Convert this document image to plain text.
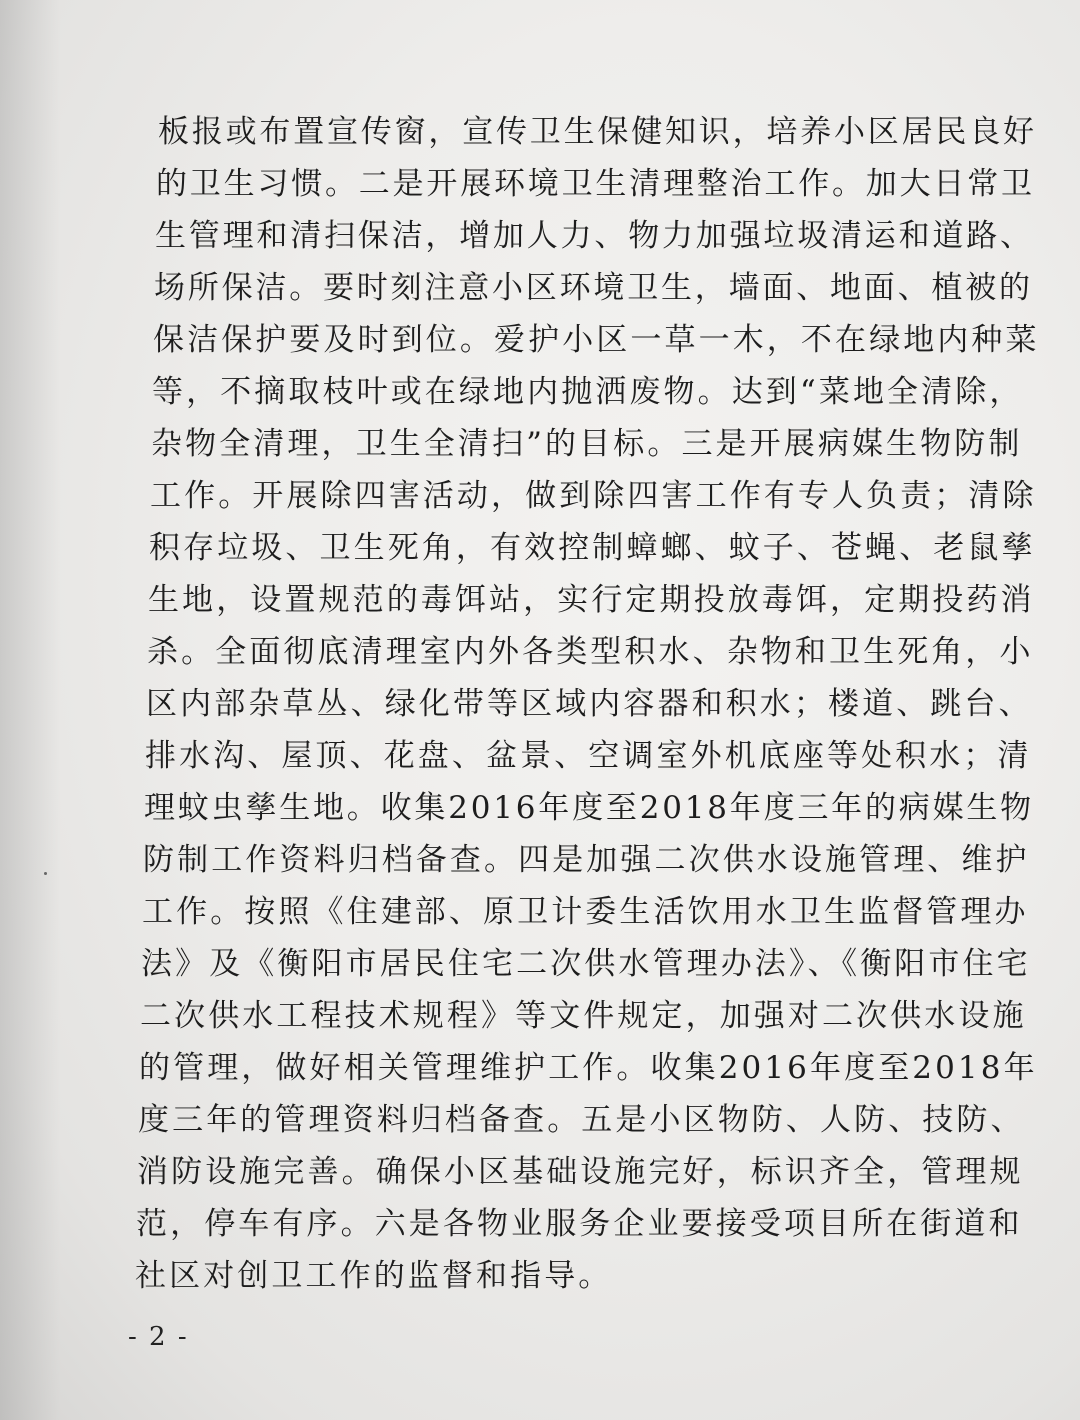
板报或布置宣传窗，宣传卫生保健知识，培养小区居民良好
的卫生习惯。二是开展环境卫生清理整治工作。加大日常卫
生管理和清扫保洁，增加人力、物力加强垃圾清运和道路、
场所保洁。要时刻注意小区环境卫生，墙面、地面、植被的
保洁保护要及时到位。爱护小区一草一木，不在绿地内种菜
等，不摘取枝叶或在绿地内抛洒废物。达到“菜地全清除，
杂物全清理，卫生全清扫”的目标。三是开展病媒生物防制
工作。开展除四害活动，做到除四害工作有专人负责；清除
积存垃圾、卫生死角，有效控制蟑螂、蚊子、苍蝇、老鼠孳
生地，设置规范的毒饵站，实行定期投放毒饵，定期投药消
杀。全面彻底清理室内外各类型积水、杂物和卫生死角，小
区内部杂草丛、绿化带等区域内容器和积水；楼道、跳台、
排水沟、屋顶、花盘、盆景、空调室外机底座等处积水；清
理蚊虫孳生地。收集2016年度至2018年度三年的病媒生物
防制工作资料归档备查。四是加强二次供水设施管理、维护
工作。按照《住建部、原卫计委生活饮用水卫生监督管理办
法》及《衡阳市居民住宅二次供水管理办法》、《衡阳市住宅
二次供水工程技术规程》等文件规定，加强对二次供水设施
的管理，做好相关管理维护工作。收集2016年度至2018年
度三年的管理资料归档备查。五是小区物防、人防、技防、
消防设施完善。确保小区基础设施完好，标识齐全，管理规
范，停车有序。六是各物业服务企业要接受项目所在街道和
社区对创卫工作的监督和指导。
- 2 -
